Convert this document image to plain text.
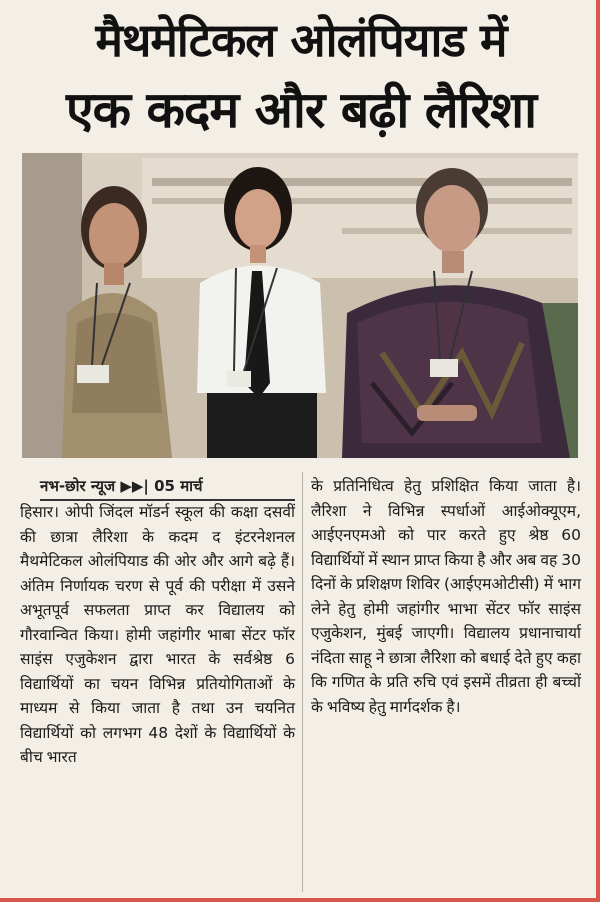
मैथमेटिकल ओलंपियाड में
एक कदम और बढ़ी लैरिशा
नभ-छोर न्यूज ▶▶| 05 मार्च
हिसार। ओपी जिंदल मॉडर्न स्कूल की कक्षा दसवीं की छात्रा लैरिशा के कदम द इंटरनेशनल मैथमेटिकल ओलंपियाड की ओर और आगे बढ़े हैं। अंतिम निर्णायक चरण से पूर्व की परीक्षा में उसने अभूतपूर्व सफलता प्राप्त कर विद्यालय को गौरवान्वित किया। होमी जहांगीर भाबा सेंटर फॉर साइंस एजुकेशन द्वारा भारत के सर्वश्रेष्ठ 6 विद्यार्थियों का चयन विभिन्न प्रतियोगिताओं के माध्यम से किया जाता है तथा उन चयनित विद्यार्थियों को लगभग 48 देशों के विद्यार्थियों के बीच भारत
के प्रतिनिधित्व हेतु प्रशिक्षित किया जाता है। लैरिशा ने विभिन्न स्पर्धाओं आईओक्यूएम, आईएनएमओ को पार करते हुए श्रेष्ठ 60 विद्यार्थियों में स्थान प्राप्त किया है और अब वह 30 दिनों के प्रशिक्षण शिविर (आईएमओटीसी) में भाग लेने हेतु होमी जहांगीर भाभा सेंटर फॉर साइंस एजुकेशन, मुंबई जाएगी। विद्यालय प्रधानाचार्या नंदिता साहू ने छात्रा लैरिशा को बधाई देते हुए कहा कि गणित के प्रति रुचि एवं इसमें तीव्रता ही बच्चों के भविष्य हेतु मार्गदर्शक है।
